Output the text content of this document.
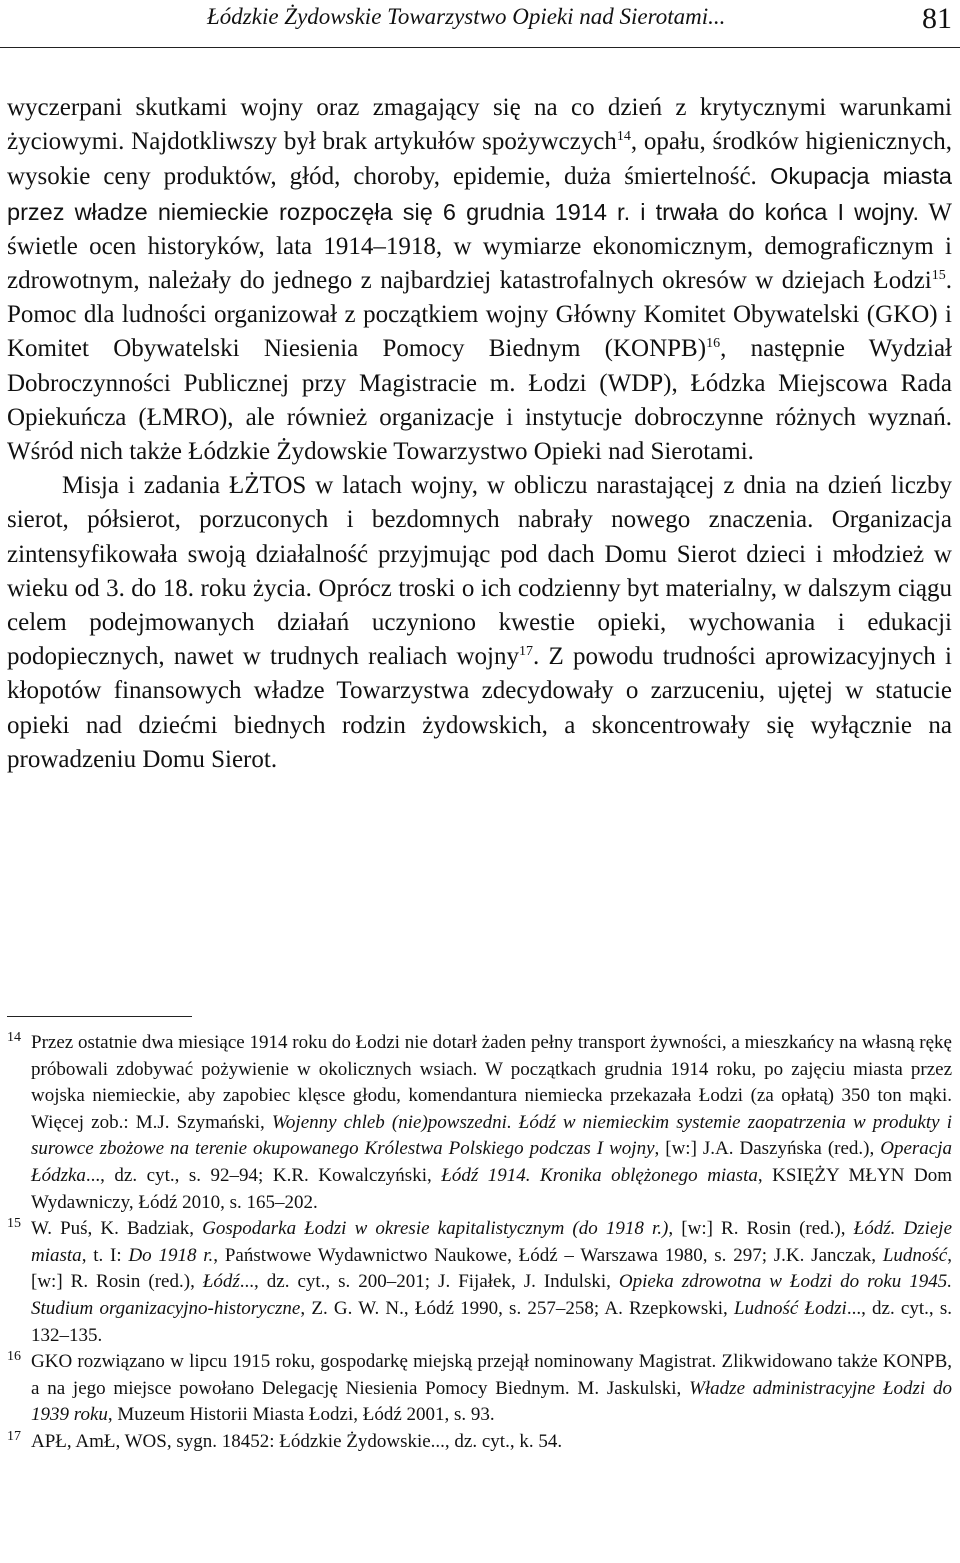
Łódzkie Żydowskie Towarzystwo Opieki nad Sierotami...	81

wyczerpani skutkami wojny oraz zmagający się na co dzień z krytycznymi warunkami życiowymi. Najdotkliwszy był brak artykułów spożywczych$^{14}$, opału, środków higienicznych, wysokie ceny produktów, głód, choroby, epidemie, duża śmiertelność. Okupacja miasta przez władze niemieckie rozpoczęła się 6 grudnia 1914 r. i trwała do końca I wojny. W świetle ocen historyków, lata 1914–1918, w wymiarze ekonomicznym, demograficznym i zdrowotnym, należały do jednego z najbardziej katastrofalnych okresów w dziejach Łodzi$^{15}$. Pomoc dla ludności organizował z początkiem wojny Główny Komitet Obywatelski (GKO) i Komitet Obywatelski Niesienia Pomocy Biednym (KONPB)$^{16}$, następnie Wydział Dobroczynności Publicznej przy Magistracie m. Łodzi (WDP), Łódzka Miejscowa Rada Opiekuńcza (ŁMRO), ale również organizacje i instytucje dobroczynne różnych wyznań. Wśród nich także Łódzkie Żydowskie Towarzystwo Opieki nad Sierotami.

Misja i zadania ŁŻTOS w latach wojny, w obliczu narastającej z dnia na dzień liczby sierot, półsierot, porzuconych i bezdomnych nabrały nowego znaczenia. Organizacja zintensyfikowała swoją działalność przyjmując pod dach Domu Sierot dzieci i młodzież w wieku od 3. do 18. roku życia. Oprócz troski o ich codzienny byt materialny, w dalszym ciągu celem podejmowanych działań uczyniono kwestie opieki, wychowania i edukacji podopiecznych, nawet w trudnych realiach wojny$^{17}$. Z powodu trudności aprowizacyjnych i kłopotów finansowych władze Towarzystwa zdecydowały o zarzuceniu, ujętej w statucie opieki nad dziećmi biednych rodzin żydowskich, a skoncentrowały się wyłącznie na prowadzeniu Domu Sierot.

14 Przez ostatnie dwa miesiące 1914 roku do Łodzi nie dotarł żaden pełny transport żywności, a mieszkańcy na własną rękę próbowali zdobywać pożywienie w okolicznych wsiach. W początkach grudnia 1914 roku, po zajęciu miasta przez wojska niemieckie, aby zapobiec klęsce głodu, komendantura niemiecka przekazała Łodzi (za opłatą) 350 ton mąki. Więcej zob.: M.J. Szymański, Wojenny chleb (nie)powszedni. Łódź w niemieckim systemie zaopatrzenia w produkty i surowce zbożowe na terenie okupowanego Królestwa Polskiego podczas I wojny, [w:] J.A. Daszyńska (red.), Operacja Łódzka..., dz. cyt., s. 92–94; K.R. Kowalczyński, Łódź 1914. Kronika oblężonego miasta, KSIĘŻY MŁYN Dom Wydawniczy, Łódź 2010, s. 165–202.
15 W. Puś, K. Badziak, Gospodarka Łodzi w okresie kapitalistycznym (do 1918 r.), [w:] R. Rosin (red.), Łódź. Dzieje miasta, t. I: Do 1918 r., Państwowe Wydawnictwo Naukowe, Łódź – Warszawa 1980, s. 297; J.K. Janczak, Ludność, [w:] R. Rosin (red.), Łódź..., dz. cyt., s. 200–201; J. Fijałek, J. Indulski, Opieka zdrowotna w Łodzi do roku 1945. Studium organizacyjno-historyczne, Z. G. W. N., Łódź 1990, s. 257–258; A. Rzepkowski, Ludność Łodzi..., dz. cyt., s. 132–135.
16 GKO rozwiązano w lipcu 1915 roku, gospodarkę miejską przejął nominowany Magistrat. Zlikwidowano także KONPB, a na jego miejsce powołano Delegację Niesienia Pomocy Biednym. M. Jaskulski, Władze administracyjne Łodzi do 1939 roku, Muzeum Historii Miasta Łodzi, Łódź 2001, s. 93.
17 APŁ, AmŁ, WOS, sygn. 18452: Łódzkie Żydowskie..., dz. cyt., k. 54.
